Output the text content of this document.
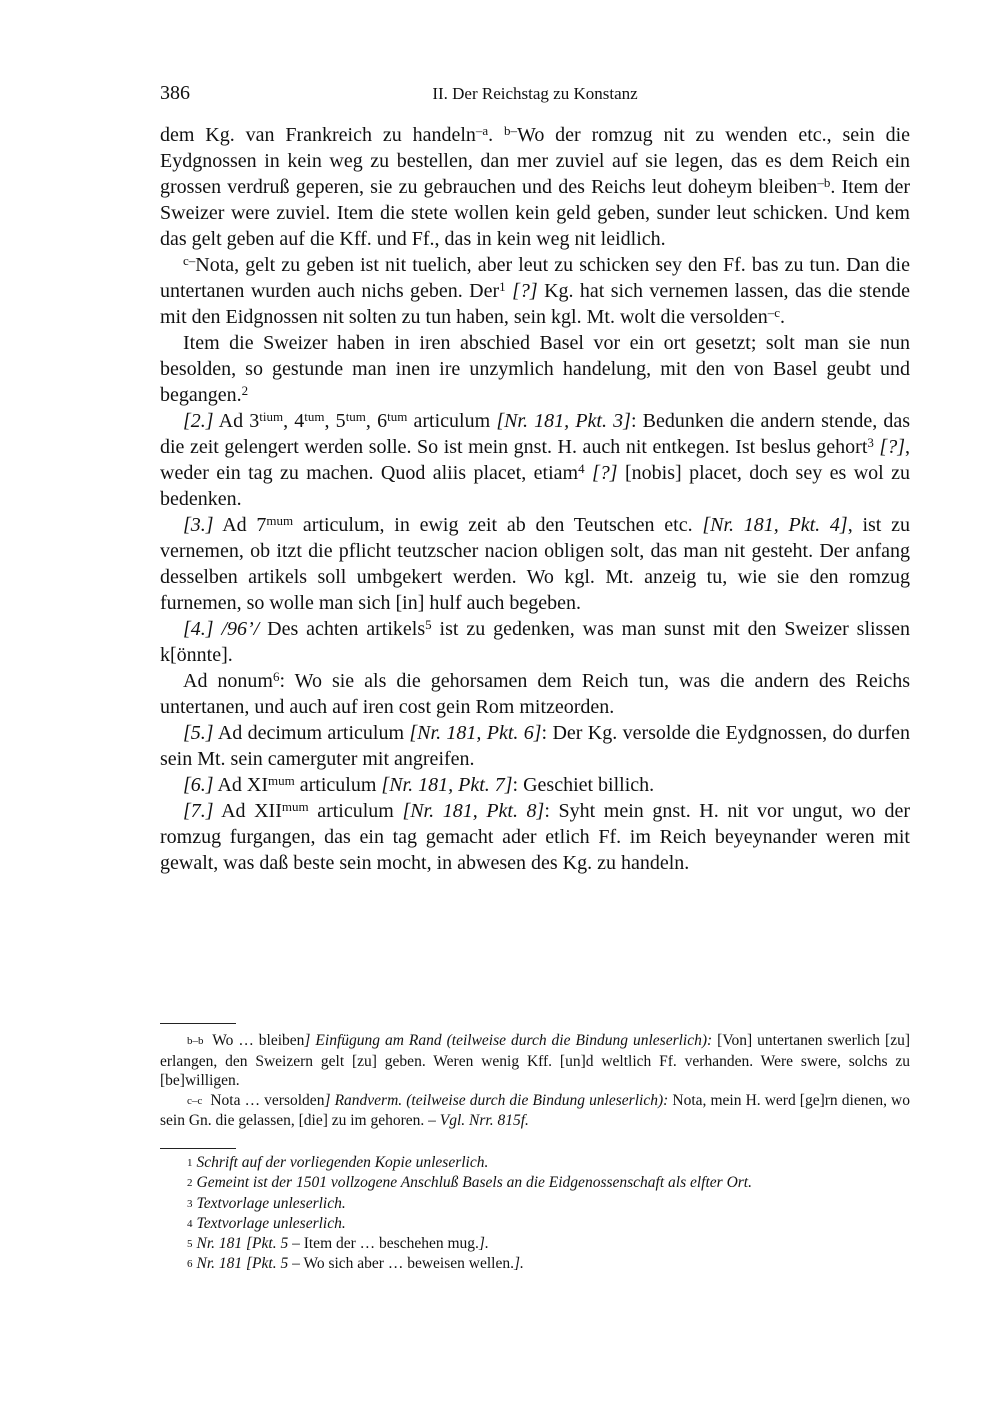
386	II. Der Reichstag zu Konstanz

dem Kg. van Frankreich zu handeln$^{-a}$. $^{b-}$Wo der romzug nit zu wenden etc., sein die Eydgnossen in kein weg zu bestellen, dan mer zuviel auf sie legen, das es dem Reich ein grossen verdruß geperen, sie zu gebrauchen und des Reichs leut doheym bleiben$^{-b}$. Item der Sweizer were zuviel. Item die stete wollen kein geld geben, sunder leut schicken. Und kem das gelt geben auf die Kff. und Ff., das in kein weg nit leidlich.

$^{c-}$Nota, gelt zu geben ist nit tuelich, aber leut zu schicken sey den Ff. bas zu tun. Dan die untertanen wurden auch nichs geben. Der$^1$ [?] Kg. hat sich vernemen lassen, das die stende mit den Eidgnossen nit solten zu tun haben, sein kgl. Mt. wolt die versolden$^{-c}$.

Item die Sweizer haben in iren abschied Basel vor ein ort gesetzt; solt man sie nun besolden, so gestunde man inen ire unzymlich handelung, mit den von Basel geubt und begangen.$^2$

[2.] Ad $3^{tium}$, $4^{tum}$, $5^{tum}$, $6^{tum}$ articulum [Nr. 181, Pkt. 3]: Bedunken die andern stende, das die zeit gelengert werden solle. So ist mein gnst. H. auch nit entkegen. Ist beslus gehort$^3$ [?], weder ein tag zu machen. Quod aliis placet, etiam$^4$ [?] [nobis] placet, doch sey es wol zu bedenken.

[3.] Ad $7^{mum}$ articulum, in ewig zeit ab den Teutschen etc. [Nr. 181, Pkt. 4], ist zu vernemen, ob itzt die pflicht teutzscher nacion obligen solt, das man nit gesteht. Der anfang desselben artikels soll umbgekert werden. Wo kgl. Mt. anzeig tu, wie sie den romzug furnemen, so wolle man sich [in] hulf auch begeben.

[4.] /96’/ Des achten artikels$^5$ ist zu gedenken, was man sunst mit den Sweizer slissen k[önnte].

Ad nonum$^6$: Wo sie als die gehorsamen dem Reich tun, was die andern des Reichs untertanen, und auch auf iren cost gein Rom mitzeorden.

[5.] Ad decimum articulum [Nr. 181, Pkt. 6]: Der Kg. versolde die Eydgnossen, do durfen sein Mt. sein camerguter mit angreifen.

[6.] Ad $XI^{mum}$ articulum [Nr. 181, Pkt. 7]: Geschiet billich.

[7.] Ad $XII^{mum}$ articulum [Nr. 181, Pkt. 8]: Syht mein gnst. H. nit vor ungut, wo der romzug furgangen, das ein tag gemacht ader etlich Ff. im Reich beyeynander weren mit gewalt, was daß beste sein mocht, in abwesen des Kg. zu handeln.

b–b Wo … bleiben] Einfügung am Rand (teilweise durch die Bindung unleserlich): [Von] untertanen swerlich [zu] erlangen, den Sweizern gelt [zu] geben. Weren wenig Kff. [un]d weltlich Ff. verhanden. Were swere, solchs zu [be]willigen.

c–c Nota … versolden] Randverm. (teilweise durch die Bindung unleserlich): Nota, mein H. werd [ge]rn dienen, wo sein Gn. die gelassen, [die] zu im gehoren. – Vgl. Nrr. 815f.

1 Schrift auf der vorliegenden Kopie unleserlich.

2 Gemeint ist der 1501 vollzogene Anschluß Basels an die Eidgenossenschaft als elfter Ort.

3 Textvorlage unleserlich.

4 Textvorlage unleserlich.

5 Nr. 181 [Pkt. 5 – Item der … beschehen mug.].

6 Nr. 181 [Pkt. 5 – Wo sich aber … beweisen wellen.].
